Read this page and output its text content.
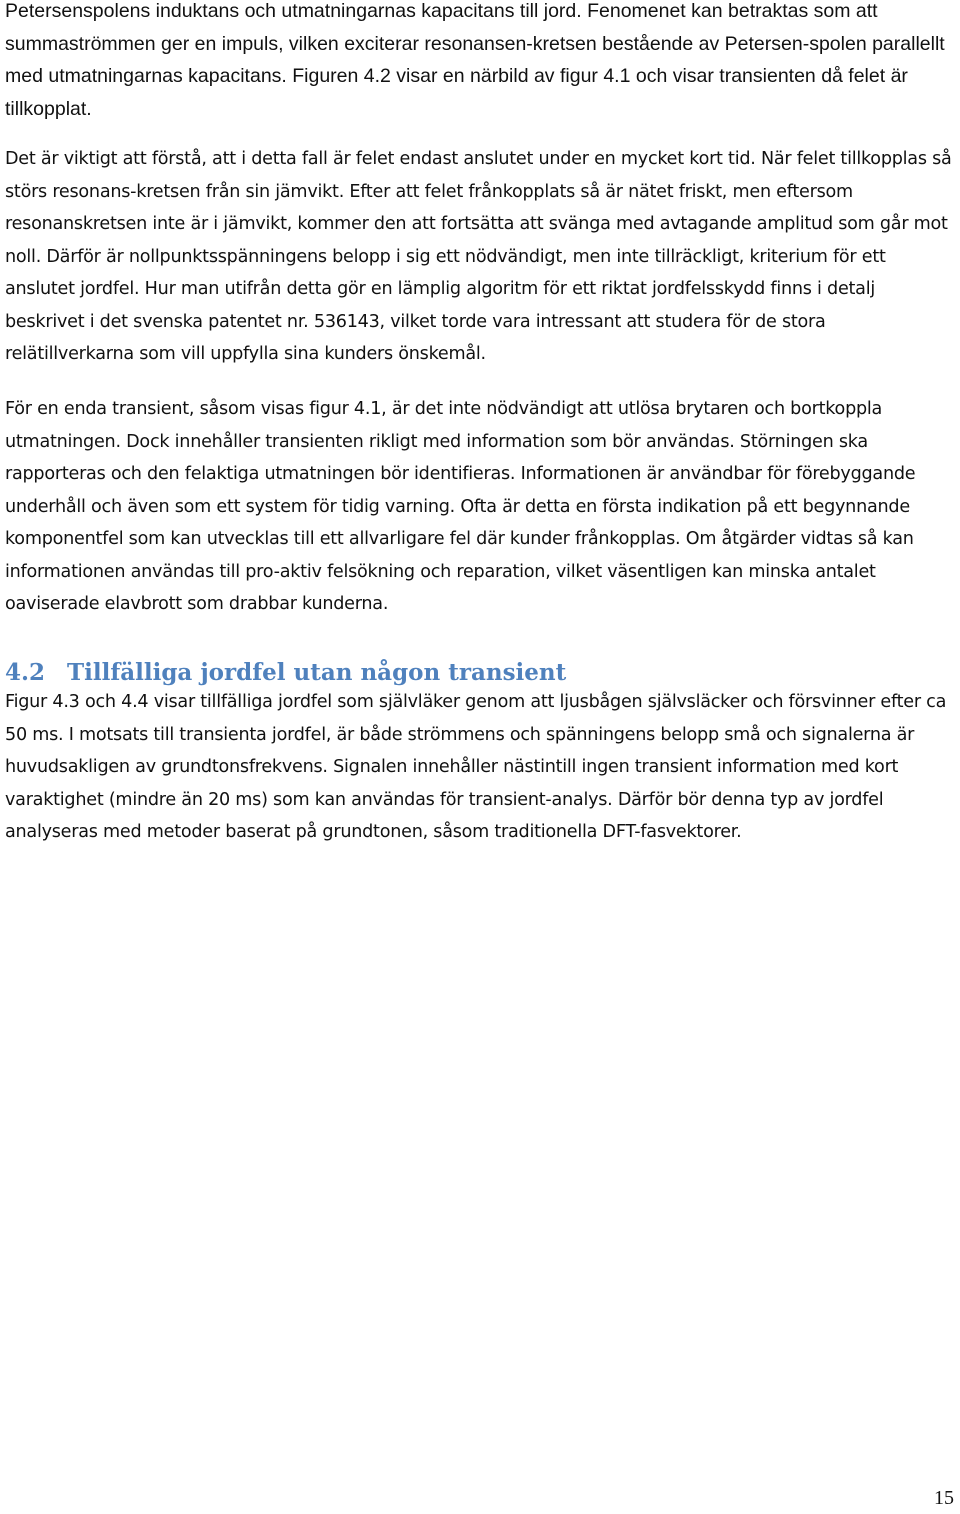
Petersenspolens induktans och utmatningarnas kapacitans till jord. Fenomenet kan betraktas som att summaströmmen ger en impuls, vilken exciterar resonansen-kretsen bestående av Petersen-spolen parallellt med utmatningarnas kapacitans. Figuren 4.2 visar en närbild av figur 4.1 och visar transienten då felet är tillkopplat.

Det är viktigt att förstå, att i detta fall är felet endast anslutet under en mycket kort tid. När felet tillkopplas så störs resonans-kretsen från sin jämvikt. Efter att felet frånkopplats så är nätet friskt, men eftersom resonanskretsen inte är i jämvikt, kommer den att fortsätta att svänga med avtagande amplitud som går mot noll. Därför är nollpunktsspänningens belopp i sig ett nödvändigt, men inte tillräckligt, kriterium för ett anslutet jordfel. Hur man utifrån detta gör en lämplig algoritm för ett riktat jordfelsskydd finns i detalj beskrivet i det svenska patentet nr. 536143, vilket torde vara intressant att studera för de stora relätillverkarna som vill uppfylla sina kunders önskemål.

För en enda transient, såsom visas figur 4.1, är det inte nödvändigt att utlösa brytaren och bortkoppla utmatningen. Dock innehåller transienten rikligt med information som bör användas. Störningen ska rapporteras och den felaktiga utmatningen bör identifieras. Informationen är användbar för förebyggande underhåll och även som ett system för tidig varning. Ofta är detta en första indikation på ett begynnande komponentfel som kan utvecklas till ett allvarligare fel där kunder frånkopplas. Om åtgärder vidtas så kan informationen användas till pro-aktiv felsökning och reparation, vilket väsentligen kan minska antalet oaviserade elavbrott som drabbar kunderna.

4.2 Tillfälliga jordfel utan någon transient

Figur 4.3 och 4.4 visar tillfälliga jordfel som självläker genom att ljusbågen självsläcker och försvinner efter ca 50 ms. I motsats till transienta jordfel, är både strömmens och spänningens belopp små och signalerna är huvudsakligen av grundtonsfrekvens. Signalen innehåller nästintill ingen transient information med kort varaktighet (mindre än 20 ms) som kan användas för transient-analys. Därför bör denna typ av jordfel analyseras med metoder baserat på grundtonen, såsom traditionella DFT-fasvektorer.

15
